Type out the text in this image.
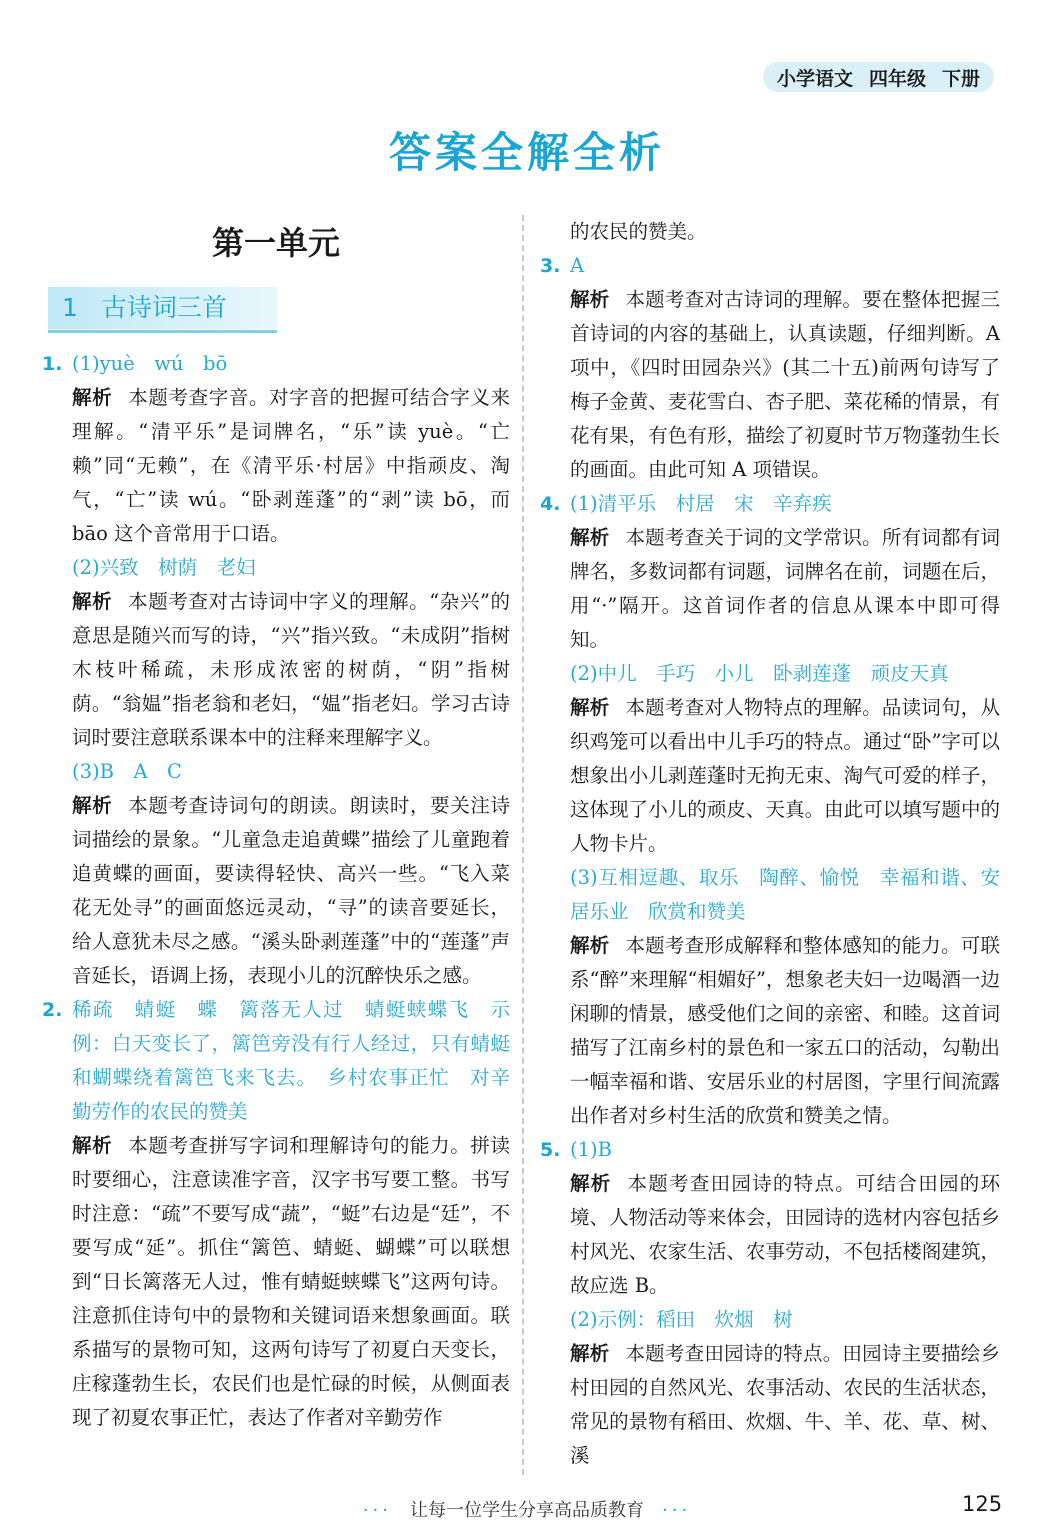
小学语文 四年级 下册
答案全解全析
第一单元
1 古诗词三首
1. (1)yuè　wú　bō

解析 本题考查字音。对字音的把握可结合字义来理解。“清平乐”是词牌名，“乐”读 yuè。“亡赖”同“无赖”，在《清平乐·村居》中指顽皮、淘气，“亡”读 wú。“卧剥莲蓬”的“剥”读 bō，而 bāo 这个音常用于口语。

(2)兴致　树荫　老妇

解析 本题考查对古诗词中字义的理解。“杂兴”的意思是随兴而写的诗，“兴”指兴致。“未成阴”指树木枝叶稀疏，未形成浓密的树荫，“阴”指树荫。“翁媪”指老翁和老妇，“媪”指老妇。学习古诗词时要注意联系课本中的注释来理解字义。

(3)B　A　C

解析 本题考查诗词句的朗读。朗读时，要关注诗词描绘的景象。“儿童急走追黄蝶”描绘了儿童跑着追黄蝶的画面，要读得轻快、高兴一些。“飞入菜花无处寻”的画面悠远灵动，“寻”的读音要延长，给人意犹未尽之感。“溪头卧剥莲蓬”中的“莲蓬”声音延长，语调上扬，表现小儿的沉醉快乐之感。

2. 稀疏　蜻蜓　蝶　篱落无人过　蜻蜓蛱蝶飞　示例：白天变长了，篱笆旁没有行人经过，只有蜻蜓和蝴蝶绕着篱笆飞来飞去。　乡村农事正忙　对辛勤劳作的农民的赞美

解析 本题考查拼写字词和理解诗句的能力。拼读时要细心，注意读准字音，汉字书写要工整。书写时注意：“疏”不要写成“蔬”，“蜓”右边是“廷”，不要写成“延”。抓住“篱笆、蜻蜓、蝴蝶”可以联想到“日长篱落无人过，惟有蜻蜓蛱蝶飞”这两句诗。注意抓住诗句中的景物和关键词语来想象画面。联系描写的景物可知，这两句诗写了初夏白天变长，庄稼蓬勃生长，农民们也是忙碌的时候，从侧面表现了初夏农事正忙，表达了作者对辛勤劳作

的农民的赞美。

3. A

解析 本题考查对古诗词的理解。要在整体把握三首诗词的内容的基础上，认真读题，仔细判断。A 项中，《四时田园杂兴》(其二十五)前两句诗写了梅子金黄、麦花雪白、杏子肥、菜花稀的情景，有花有果，有色有形，描绘了初夏时节万物蓬勃生长的画面。由此可知 A 项错误。

4. (1)清平乐　村居　宋　辛弃疾

解析 本题考查关于词的文学常识。所有词都有词牌名，多数词都有词题，词牌名在前，词题在后，用“·”隔开。这首词作者的信息从课本中即可得知。

(2)中儿　手巧　小儿　卧剥莲蓬　顽皮天真

解析 本题考查对人物特点的理解。品读词句，从织鸡笼可以看出中儿手巧的特点。通过“卧”字可以想象出小儿剥莲蓬时无拘无束、淘气可爱的样子，这体现了小儿的顽皮、天真。由此可以填写题中的人物卡片。

(3)互相逗趣、取乐　陶醉、愉悦　幸福和谐、安居乐业　欣赏和赞美

解析 本题考查形成解释和整体感知的能力。可联系“醉”来理解“相媚好”，想象老夫妇一边喝酒一边闲聊的情景，感受他们之间的亲密、和睦。这首词描写了江南乡村的景色和一家五口的活动，勾勒出一幅幸福和谐、安居乐业的村居图，字里行间流露出作者对乡村生活的欣赏和赞美之情。

5. (1)B

解析 本题考查田园诗的特点。可结合田园的环境、人物活动等来体会，田园诗的选材内容包括乡村风光、农家生活、农事劳动，不包括楼阁建筑，故应选 B。

(2)示例：稻田　炊烟　树

解析 本题考查田园诗的特点。田园诗主要描绘乡村田园的自然风光、农事活动、农民的生活状态，常见的景物有稻田、炊烟、牛、羊、花、草、树、溪

··· 让每一位学生分享高品质教育 ···	125
